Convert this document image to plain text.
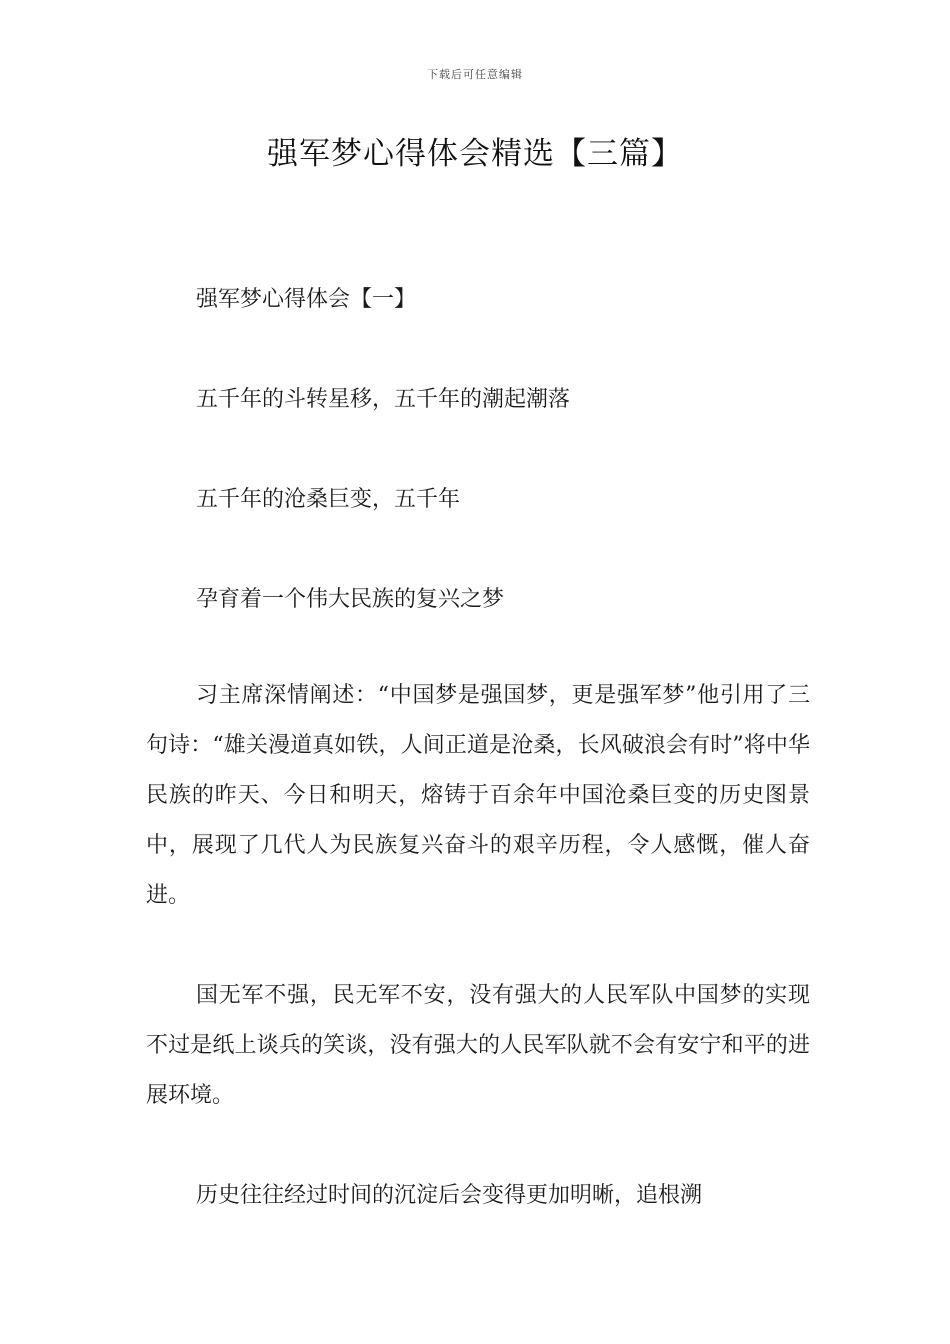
下载后可任意编辑
强军梦心得体会精选【三篇】

强军梦心得体会【一】

五千年的斗转星移，五千年的潮起潮落

五千年的沧桑巨变，五千年

孕育着一个伟大民族的复兴之梦

习主席深情阐述：“中国梦是强国梦，更是强军梦”他引用了三句诗：“雄关漫道真如铁，人间正道是沧桑，长风破浪会有时”将中华民族的昨天、今日和明天，熔铸于百余年中国沧桑巨变的历史图景中，展现了几代人为民族复兴奋斗的艰辛历程，令人感慨，催人奋进。

国无军不强，民无军不安，没有强大的人民军队中国梦的实现不过是纸上谈兵的笑谈，没有强大的人民军队就不会有安宁和平的进展环境。

历史往往经过时间的沉淀后会变得更加明晰，追根溯
